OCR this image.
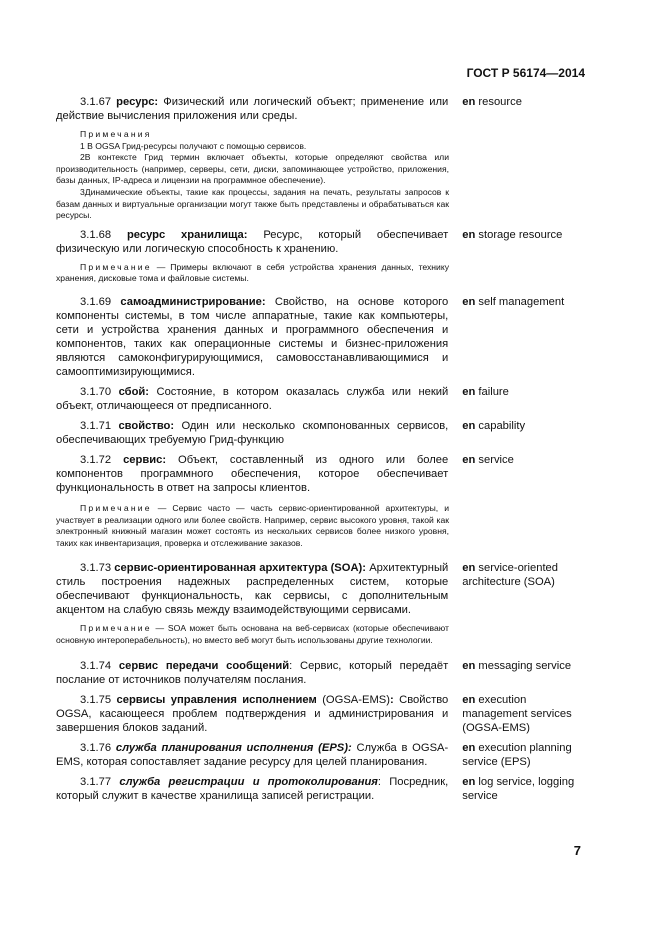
ГОСТ Р 56174—2014
3.1.67 ресурс: Физический или логический объект; применение или действие вычисления приложения или среды.
en resource

Примечания

1 В OGSA Грид-ресурсы получают с помощью сервисов.

2В контексте Грид термин включает объекты, которые определяют свойства или производительность (например, серверы, сети, диски, запоминающее устройство, приложения, базы данных, IP-адреса и лицензии на программное обеспечение).

3Динамические объекты, такие как процессы, задания на печать, результаты запросов к базам данных и виртуальные организации могут также быть представлены и обрабатываться как ресурсы.

3.1.68 ресурс хранилища: Ресурс, который обеспечивает физическую или логическую способность к хранению.
en storage resource

Примечание — Примеры включают в себя устройства хранения данных, технику хранения, дисковые тома и файловые системы.

3.1.69 самоадминистрирование: Свойство, на основе которого компоненты системы, в том числе аппаратные, такие как компьютеры, сети и устройства хранения данных и программного обеспечения и компонентов, таких как операционные системы и бизнес-приложения являются самоконфигурирующимися, самовосстанавливающимися и самооптимизирующимися.
en self management
3.1.70 сбой: Состояние, в котором оказалась служба или некий объект, отличающееся от предписанного.
en failure
3.1.71 свойство: Один или несколько скомпонованных сервисов, обеспечивающих требуемую Грид-функцию
en capability
3.1.72 сервис: Объект, составленный из одного или более компонентов программного обеспечения, которое обеспечивает функциональность в ответ на запросы клиентов.
en service

Примечание — Сервис часто — часть сервис-ориентированной архитектуры, и участвует в реализации одного или более свойств. Например, сервис высокого уровня, такой как электронный книжный магазин может состоять из нескольких сервисов более низкого уровня, таких как инвентаризация, проверка и отслеживание заказов.

3.1.73 сервис-ориентированная архитектура (SOA): Архитектурный стиль построения надежных распределенных систем, которые обеспечивают функциональность, как сервисы, с дополнительным акцентом на слабую связь между взаимодействующими сервисами.
en service-oriented architecture (SOA)

Примечание — SOA может быть основана на веб-сервисах (которые обеспечивают основную интероперабельность), но вместо веб могут быть использованы другие технологии.

3.1.74 сервис передачи сообщений: Сервис, который передаёт послание от источников получателям послания.
en messaging service
3.1.75 сервисы управления исполнением (OGSA-EMS): Свойство OGSA, касающееся проблем подтверждения и администрирования и завершения блоков заданий.
en execution management services (OGSA-EMS)
3.1.76 служба планирования исполнения (EPS): Служба в OGSA-EMS, которая сопоставляет задание ресурсу для целей планирования.
en execution planning service (EPS)
3.1.77 служба регистрации и протоколирования: Посредник, который служит в качестве хранилища записей регистрации.
en log service, logging service
7
